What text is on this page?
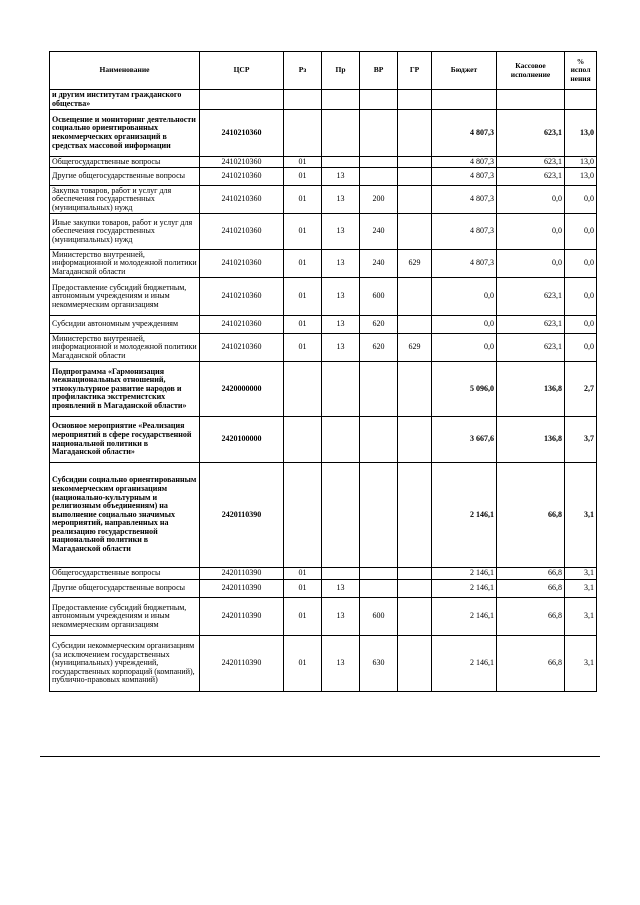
Наименование	ЦСР	Рз	Пр	ВР	ГР	Бюджет	Кассовое исполнение	% испол нения
и другим институтам гражданского общества»								
Освещение и мониторинг деятельности социально ориентированных некоммерческих организаций в средствах массовой информации	2410210360					4 807,3	623,1	13,0
Общегосударственные вопросы	2410210360	01				4 807,3	623,1	13,0
Другие общегосударственные вопросы	2410210360	01	13			4 807,3	623,1	13,0
Закупка товаров, работ и услуг для обеспечения государственных (муниципальных) нужд	2410210360	01	13	200		4 807,3	0,0	0,0
Иные закупки товаров, работ и услуг для обеспечения государственных (муниципальных) нужд	2410210360	01	13	240		4 807,3	0,0	0,0
Министерство внутренней, информационной и молодежной политики Магаданской области	2410210360	01	13	240	629	4 807,3	0,0	0,0
Предоставление субсидий бюджетным, автономным учреждениям и иным некоммерческим организациям	2410210360	01	13	600		0,0	623,1	0,0
Субсидии автономным учреждениям	2410210360	01	13	620		0,0	623,1	0,0
Министерство внутренней, информационной и молодежной политики Магаданской области	2410210360	01	13	620	629	0,0	623,1	0,0
Подпрограмма «Гармонизация межнациональных отношений, этнокультурное развитие народов и профилактика экстремистских проявлений в Магаданской области»	2420000000					5 096,0	136,8	2,7
Основное мероприятие «Реализация мероприятий в сфере государственной национальной политики в Магаданской области»	2420100000					3 667,6	136,8	3,7
Субсидии социально ориентированным некоммерческим организациям (национально-культурным и религиозным объединениям) на выполнение социально значимых мероприятий, направленных на реализацию государственной национальной политики в Магаданской области	2420110390					2 146,1	66,8	3,1
Общегосударственные вопросы	2420110390	01				2 146,1	66,8	3,1
Другие общегосударственные вопросы	2420110390	01	13			2 146,1	66,8	3,1
Предоставление субсидий бюджетным, автономным учреждениям и иным некоммерческим организациям	2420110390	01	13	600		2 146,1	66,8	3,1
Субсидии некоммерческим организациям (за исключением государственных (муниципальных) учреждений, государственных корпораций (компаний), публично-правовых компаний)	2420110390	01	13	630		2 146,1	66,8	3,1
